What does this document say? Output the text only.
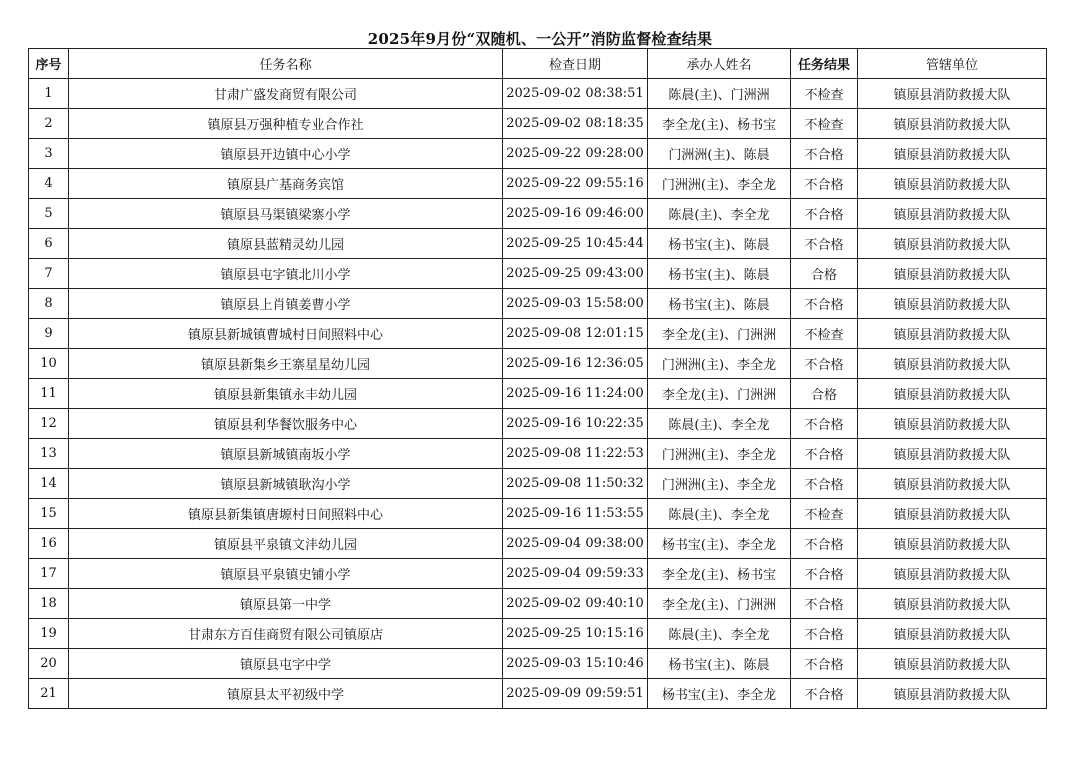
2025年9月份“双随机、一公开”消防监督检查结果
序号	任务名称	检查日期	承办人姓名	任务结果	管辖单位
1	甘肃广盛发商贸有限公司	2025-09-02 08:38:51	陈晨(主)、门洲洲	不检查	镇原县消防救援大队
2	镇原县万强种植专业合作社	2025-09-02 08:18:35	李全龙(主)、杨书宝	不检查	镇原县消防救援大队
3	镇原县开边镇中心小学	2025-09-22 09:28:00	门洲洲(主)、陈晨	不合格	镇原县消防救援大队
4	镇原县广基商务宾馆	2025-09-22 09:55:16	门洲洲(主)、李全龙	不合格	镇原县消防救援大队
5	镇原县马渠镇梁寨小学	2025-09-16 09:46:00	陈晨(主)、李全龙	不合格	镇原县消防救援大队
6	镇原县蓝精灵幼儿园	2025-09-25 10:45:44	杨书宝(主)、陈晨	不合格	镇原县消防救援大队
7	镇原县屯字镇北川小学	2025-09-25 09:43:00	杨书宝(主)、陈晨	合格	镇原县消防救援大队
8	镇原县上肖镇姜曹小学	2025-09-03 15:58:00	杨书宝(主)、陈晨	不合格	镇原县消防救援大队
9	镇原县新城镇曹城村日间照料中心	2025-09-08 12:01:15	李全龙(主)、门洲洲	不检查	镇原县消防救援大队
10	镇原县新集乡王寨星星幼儿园	2025-09-16 12:36:05	门洲洲(主)、李全龙	不合格	镇原县消防救援大队
11	镇原县新集镇永丰幼儿园	2025-09-16 11:24:00	李全龙(主)、门洲洲	合格	镇原县消防救援大队
12	镇原县利华餐饮服务中心	2025-09-16 10:22:35	陈晨(主)、李全龙	不合格	镇原县消防救援大队
13	镇原县新城镇南坂小学	2025-09-08 11:22:53	门洲洲(主)、李全龙	不合格	镇原县消防救援大队
14	镇原县新城镇耿沟小学	2025-09-08 11:50:32	门洲洲(主)、李全龙	不合格	镇原县消防救援大队
15	镇原县新集镇唐塬村日间照料中心	2025-09-16 11:53:55	陈晨(主)、李全龙	不检查	镇原县消防救援大队
16	镇原县平泉镇文沣幼儿园	2025-09-04 09:38:00	杨书宝(主)、李全龙	不合格	镇原县消防救援大队
17	镇原县平泉镇史铺小学	2025-09-04 09:59:33	李全龙(主)、杨书宝	不合格	镇原县消防救援大队
18	镇原县第一中学	2025-09-02 09:40:10	李全龙(主)、门洲洲	不合格	镇原县消防救援大队
19	甘肃东方百佳商贸有限公司镇原店	2025-09-25 10:15:16	陈晨(主)、李全龙	不合格	镇原县消防救援大队
20	镇原县屯字中学	2025-09-03 15:10:46	杨书宝(主)、陈晨	不合格	镇原县消防救援大队
21	镇原县太平初级中学	2025-09-09 09:59:51	杨书宝(主)、李全龙	不合格	镇原县消防救援大队
